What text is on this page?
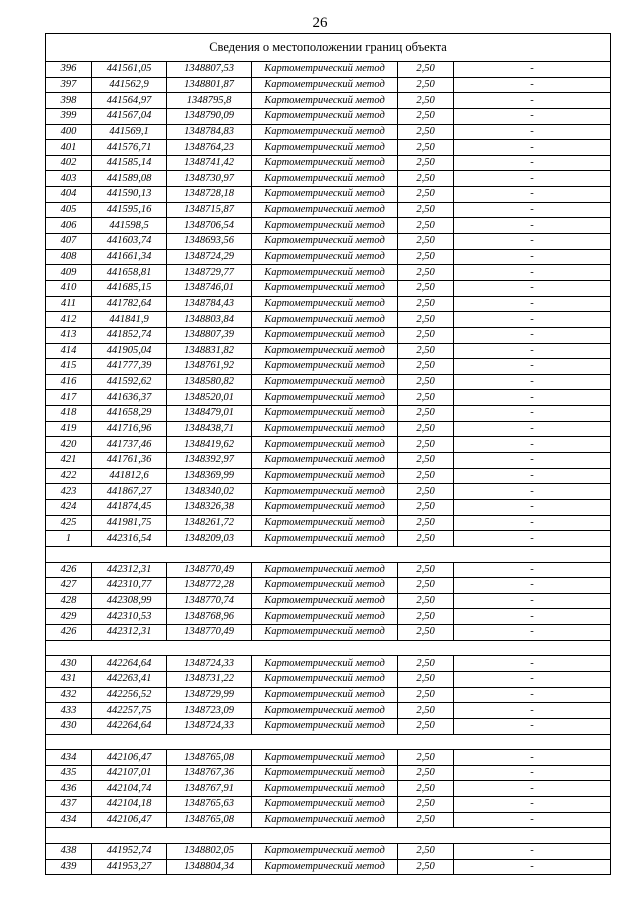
26
Сведения о местоположении границ объекта					
396	441561,05	1348807,53	Картометрический метод	2,50	-
397	441562,9	1348801,87	Картометрический метод	2,50	-
398	441564,97	1348795,8	Картометрический метод	2,50	-
399	441567,04	1348790,09	Картометрический метод	2,50	-
400	441569,1	1348784,83	Картометрический метод	2,50	-
401	441576,71	1348764,23	Картометрический метод	2,50	-
402	441585,14	1348741,42	Картометрический метод	2,50	-
403	441589,08	1348730,97	Картометрический метод	2,50	-
404	441590,13	1348728,18	Картометрический метод	2,50	-
405	441595,16	1348715,87	Картометрический метод	2,50	-
406	441598,5	1348706,54	Картометрический метод	2,50	-
407	441603,74	1348693,56	Картометрический метод	2,50	-
408	441661,34	1348724,29	Картометрический метод	2,50	-
409	441658,81	1348729,77	Картометрический метод	2,50	-
410	441685,15	1348746,01	Картометрический метод	2,50	-
411	441782,64	1348784,43	Картометрический метод	2,50	-
412	441841,9	1348803,84	Картометрический метод	2,50	-
413	441852,74	1348807,39	Картометрический метод	2,50	-
414	441905,04	1348831,82	Картометрический метод	2,50	-
415	441777,39	1348761,92	Картометрический метод	2,50	-
416	441592,62	1348580,82	Картометрический метод	2,50	-
417	441636,37	1348520,01	Картометрический метод	2,50	-
418	441658,29	1348479,01	Картометрический метод	2,50	-
419	441716,96	1348438,71	Картометрический метод	2,50	-
420	441737,46	1348419,62	Картометрический метод	2,50	-
421	441761,36	1348392,97	Картометрический метод	2,50	-
422	441812,6	1348369,99	Картометрический метод	2,50	-
423	441867,27	1348340,02	Картометрический метод	2,50	-
424	441874,45	1348326,38	Картометрический метод	2,50	-
425	441981,75	1348261,72	Картометрический метод	2,50	-
1	442316,54	1348209,03	Картометрический метод	2,50	-

426	442312,31	1348770,49	Картометрический метод	2,50	-
427	442310,77	1348772,28	Картометрический метод	2,50	-
428	442308,99	1348770,74	Картометрический метод	2,50	-
429	442310,53	1348768,96	Картометрический метод	2,50	-
426	442312,31	1348770,49	Картометрический метод	2,50	-

430	442264,64	1348724,33	Картометрический метод	2,50	-
431	442263,41	1348731,22	Картометрический метод	2,50	-
432	442256,52	1348729,99	Картометрический метод	2,50	-
433	442257,75	1348723,09	Картометрический метод	2,50	-
430	442264,64	1348724,33	Картометрический метод	2,50	-

434	442106,47	1348765,08	Картометрический метод	2,50	-
435	442107,01	1348767,36	Картометрический метод	2,50	-
436	442104,74	1348767,91	Картометрический метод	2,50	-
437	442104,18	1348765,63	Картометрический метод	2,50	-
434	442106,47	1348765,08	Картометрический метод	2,50	-

438	441952,74	1348802,05	Картометрический метод	2,50	-
439	441953,27	1348804,34	Картометрический метод	2,50	-
